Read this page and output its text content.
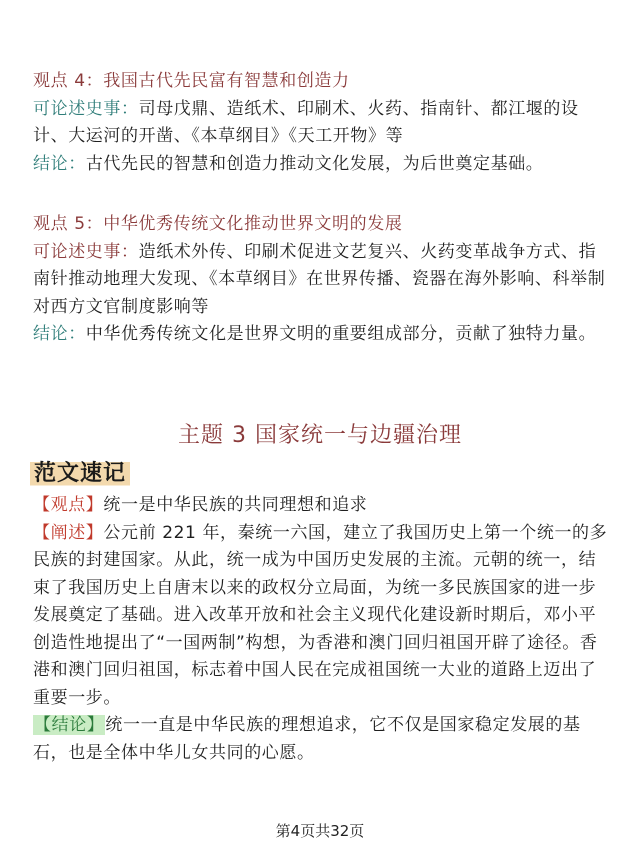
观点 4：我国古代先民富有智慧和创造力
可论述史事：司母戊鼎、造纸术、印刷术、火药、指南针、都江堰的设计、大运河的开凿、《本草纲目》《天工开物》等
结论：古代先民的智慧和创造力推动文化发展，为后世奠定基础。
观点 5：中华优秀传统文化推动世界文明的发展
可论述史事：造纸术外传、印刷术促进文艺复兴、火药变革战争方式、指南针推动地理大发现、《本草纲目》在世界传播、瓷器在海外影响、科举制对西方文官制度影响等
结论：中华优秀传统文化是世界文明的重要组成部分，贡献了独特力量。
主题 3 国家统一与边疆治理
范文速记
【观点】统一是中华民族的共同理想和追求
【阐述】公元前 221 年，秦统一六国，建立了我国历史上第一个统一的多民族的封建国家。从此，统一成为中国历史发展的主流。元朝的统一，结束了我国历史上自唐末以来的政权分立局面，为统一多民族国家的进一步发展奠定了基础。进入改革开放和社会主义现代化建设新时期后，邓小平创造性地提出了“一国两制”构想，为香港和澳门回归祖国开辟了途径。香港和澳门回归祖国，标志着中国人民在完成祖国统一大业的道路上迈出了重要一步。
【结论】统一一直是中华民族的理想追求，它不仅是国家稳定发展的基石，也是全体中华儿女共同的心愿。
第4页共32页
